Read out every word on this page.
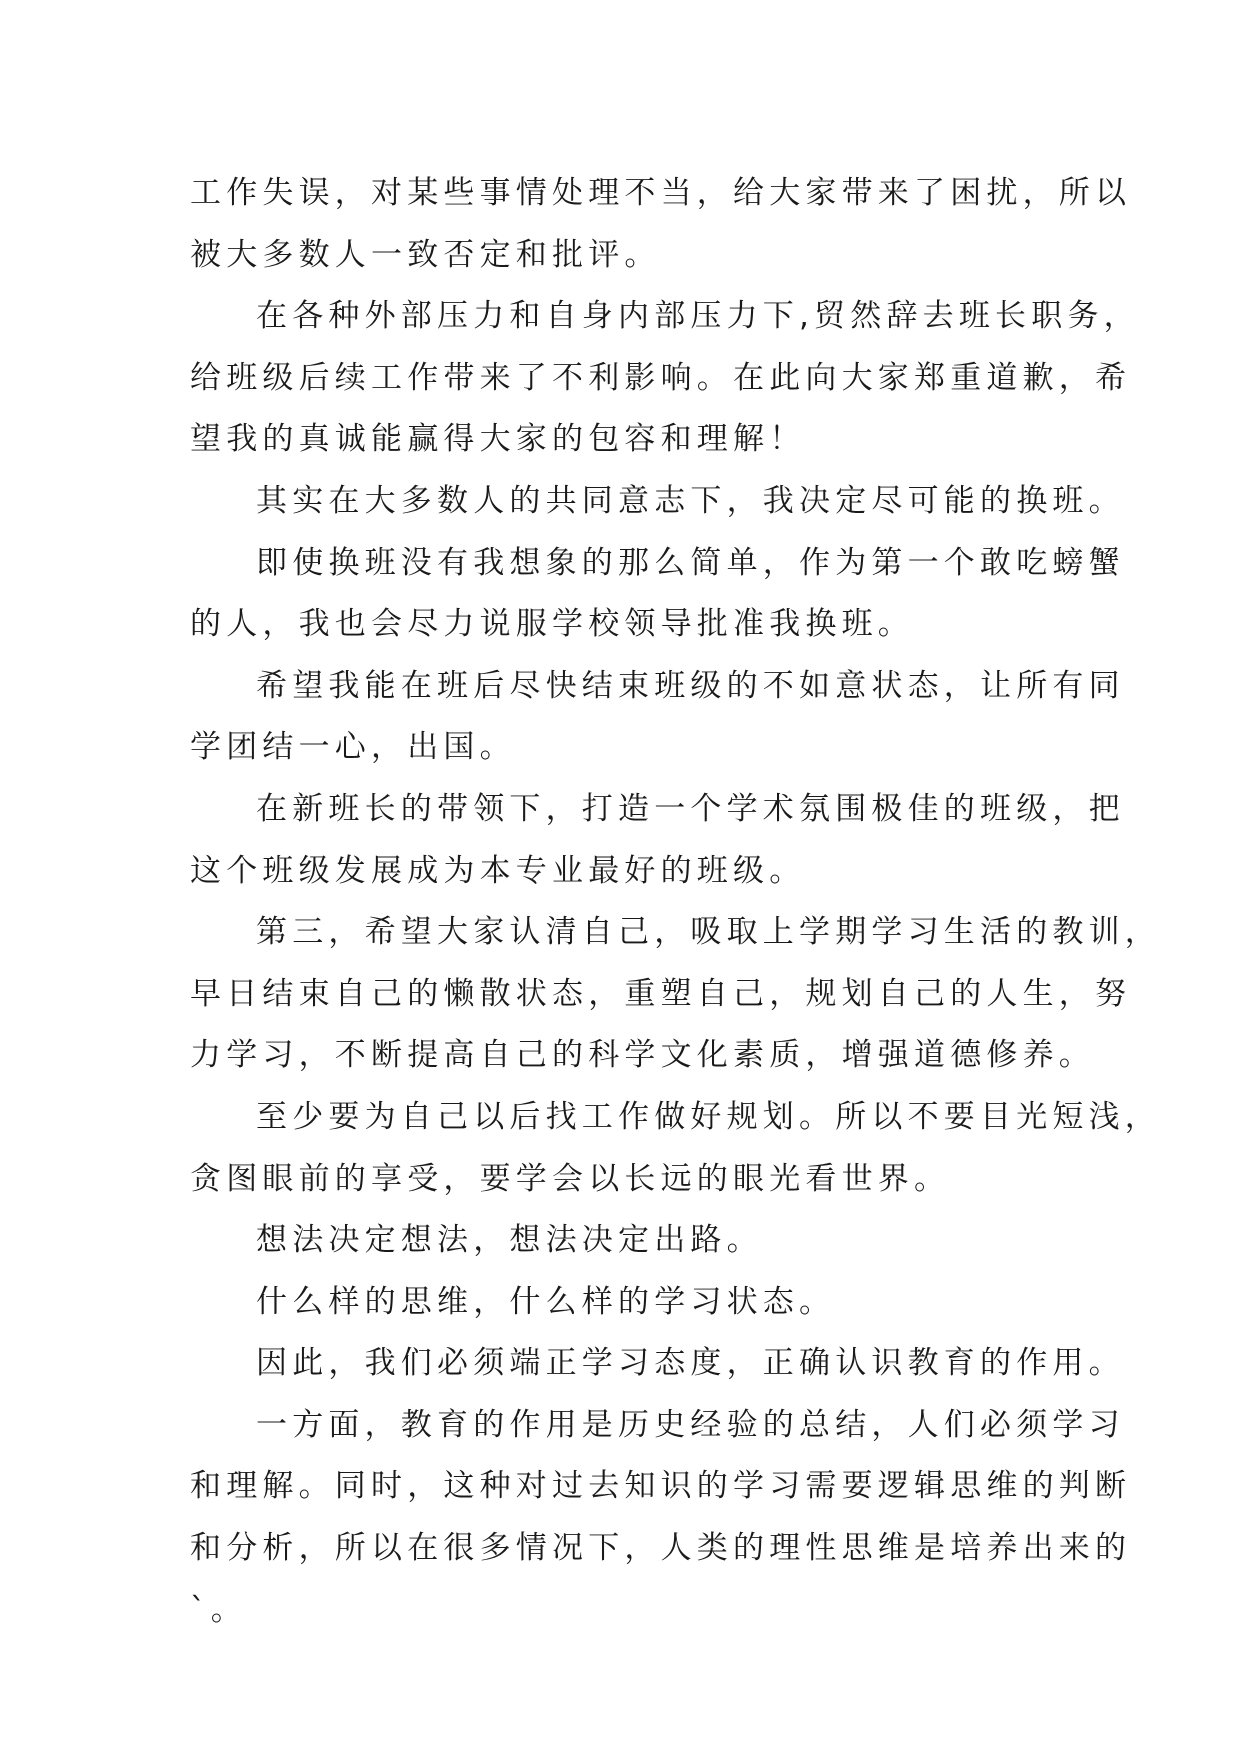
工作失误，对某些事情处理不当，给大家带来了困扰，所以
被大多数人一致否定和批评。
在各种外部压力和自身内部压力下,贸然辞去班长职务，
给班级后续工作带来了不利影响。在此向大家郑重道歉，希
望我的真诚能赢得大家的包容和理解！
其实在大多数人的共同意志下，我决定尽可能的换班。
即使换班没有我想象的那么简单，作为第一个敢吃螃蟹
的人，我也会尽力说服学校领导批准我换班。
希望我能在班后尽快结束班级的不如意状态，让所有同
学团结一心，出国。
在新班长的带领下，打造一个学术氛围极佳的班级，把
这个班级发展成为本专业最好的班级。
第三，希望大家认清自己，吸取上学期学习生活的教训，
早日结束自己的懒散状态，重塑自己，规划自己的人生，努
力学习，不断提高自己的科学文化素质，增强道德修养。
至少要为自己以后找工作做好规划。所以不要目光短浅，
贪图眼前的享受，要学会以长远的眼光看世界。
想法决定想法，想法决定出路。
什么样的思维，什么样的学习状态。
因此，我们必须端正学习态度，正确认识教育的作用。
一方面，教育的作用是历史经验的总结，人们必须学习
和理解。同时，这种对过去知识的学习需要逻辑思维的判断
和分析，所以在很多情况下，人类的理性思维是培养出来的
`。
